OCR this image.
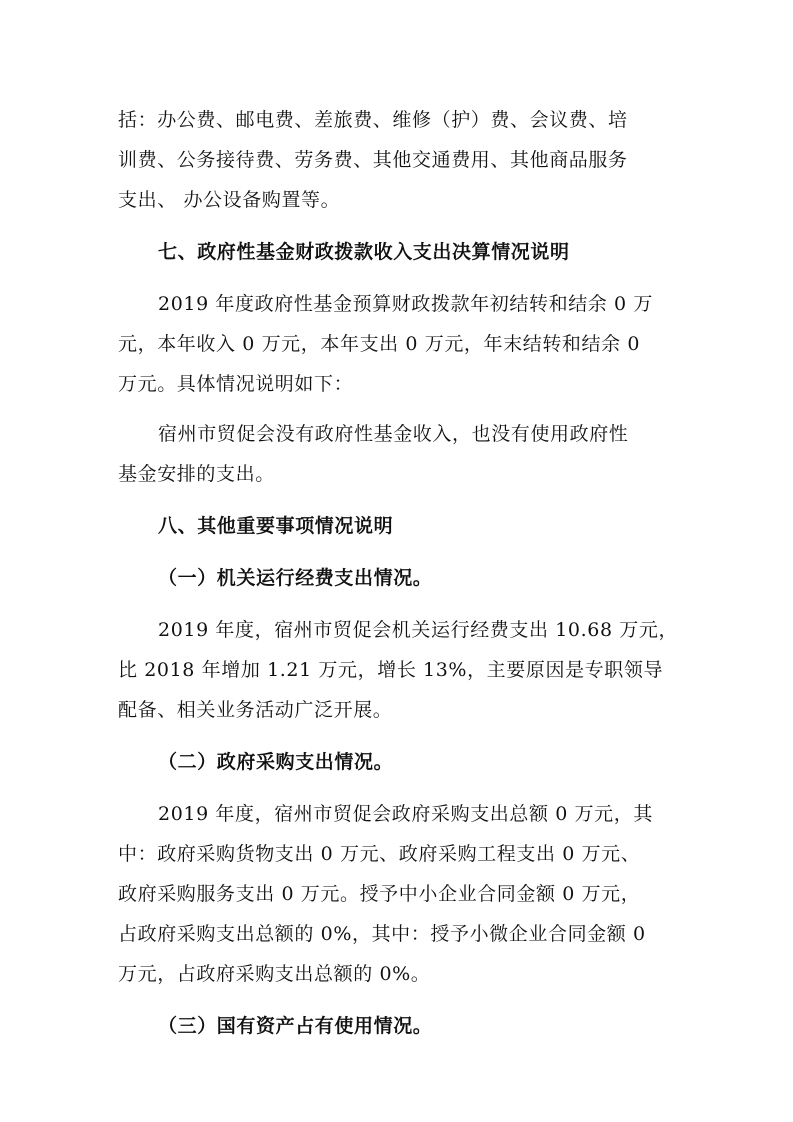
括：办公费、邮电费、差旅费、维修（护）费、会议费、培
训费、公务接待费、劳务费、其他交通费用、其他商品服务
支出、 办公设备购置等。
七、政府性基金财政拨款收入支出决算情况说明
2019 年度政府性基金预算财政拨款年初结转和结余 0 万
元，本年收入 0 万元，本年支出 0 万元，年末结转和结余 0
万元。具体情况说明如下：
宿州市贸促会没有政府性基金收入，也没有使用政府性
基金安排的支出。
八、其他重要事项情况说明
（一）机关运行经费支出情况。
2019 年度，宿州市贸促会机关运行经费支出 10.68 万元，
比 2018 年增加 1.21 万元，增长 13%，主要原因是专职领导
配备、相关业务活动广泛开展。
（二）政府采购支出情况。
2019 年度，宿州市贸促会政府采购支出总额 0 万元，其
中：政府采购货物支出 0 万元、政府采购工程支出 0 万元、
政府采购服务支出 0 万元。授予中小企业合同金额 0 万元，
占政府采购支出总额的 0%，其中：授予小微企业合同金额 0
万元，占政府采购支出总额的 0%。
（三）国有资产占有使用情况。
